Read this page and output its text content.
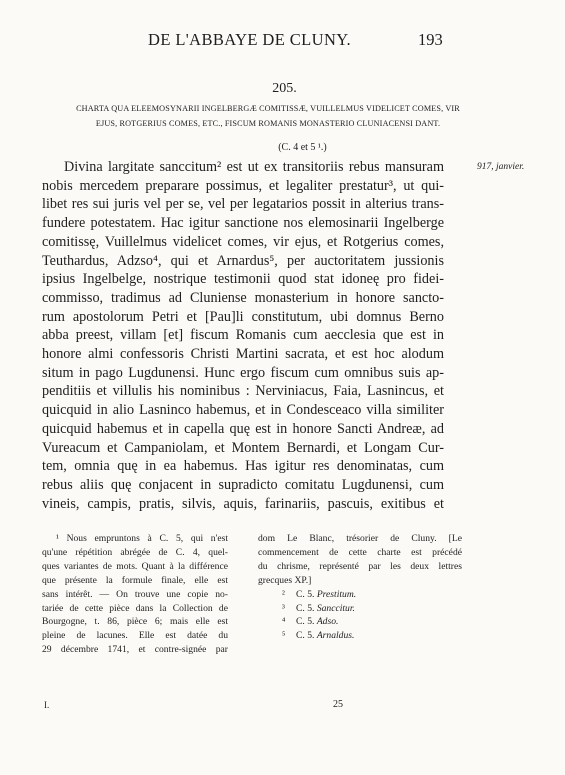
DE L'ABBAYE DE CLUNY.	193
205.
CHARTA QUA ELEEMOSYNARII INGELBERGÆ COMITISSÆ, VUILLELMUS VIDELICET COMES, VIR
EJUS, ROTGERIUS COMES, ETC., FISCUM ROMANIS MONASTERIO CLUNIACENSI DANT.
(C. 4 et 5 ¹.)
917, janvier.
Divina largitate sanccitum² est ut ex transitoriis rebus mansuram
nobis mercedem preparare possimus, et legaliter prestatur³, ut qui-
libet res sui juris vel per se, vel per legatarios possit in alterius trans-
fundere potestatem. Hac igitur sanctione nos elemosinarii Ingelberge
comitissę, Vuillelmus videlicet comes, vir ejus, et Rotgerius comes,
Teuthardus, Adzso⁴, qui et Arnardus⁵, per auctoritatem jussionis
ipsius Ingelbelge, nostrique testimonii quod stat idoneę pro fidei-
commisso, tradimus ad Cluniense monasterium in honore sancto-
rum apostolorum Petri et [Pau]li constitutum, ubi domnus Berno
abba preest, villam [et] fiscum Romanis cum aecclesia que est in
honore almi confessoris Christi Martini sacrata, et est hoc alodum
situm in pago Lugdunensi. Hunc ergo fiscum cum omnibus suis ap-
penditiis et villulis his nominibus : Nerviniacus, Faia, Lasnincus, et
quicquid in alio Lasninco habemus, et in Condesceaco villa similiter
quicquid habemus et in capella quę est in honore Sancti Andreæ, ad
Vureacum et Campaniolam, et Montem Bernardi, et Longam Cur-
tem, omnia quę in ea habemus. Has igitur res denominatas, cum
rebus aliis quę conjacent in supradicto comitatu Lugdunensi, cum
vineis, campis, pratis, silvis, aquis, farinariis, pascuis, exitibus et
¹ Nous empruntons à C. 5, qui n'est
qu'une répétition abrégée de C. 4, quel-
ques variantes de mots. Quant à la différence
que présente la formule finale, elle est
sans intérêt. — On trouve une copie no-
tariée de cette pièce dans la Collection de
Bourgogne, t. 86, pièce 6; mais elle est
pleine de lacunes. Elle est datée du
29 décembre 1741, et contre-signée par
dom Le Blanc, trésorier de Cluny. [Le
commencement de cette charte est précédé
du chrisme, représenté par les deux lettres
grecques XP.]
² C. 5. Prestitum.
³ C. 5. Sanccitur.
⁴ C. 5. Adso.
⁵ C. 5. Arnaldus.
I.	25
